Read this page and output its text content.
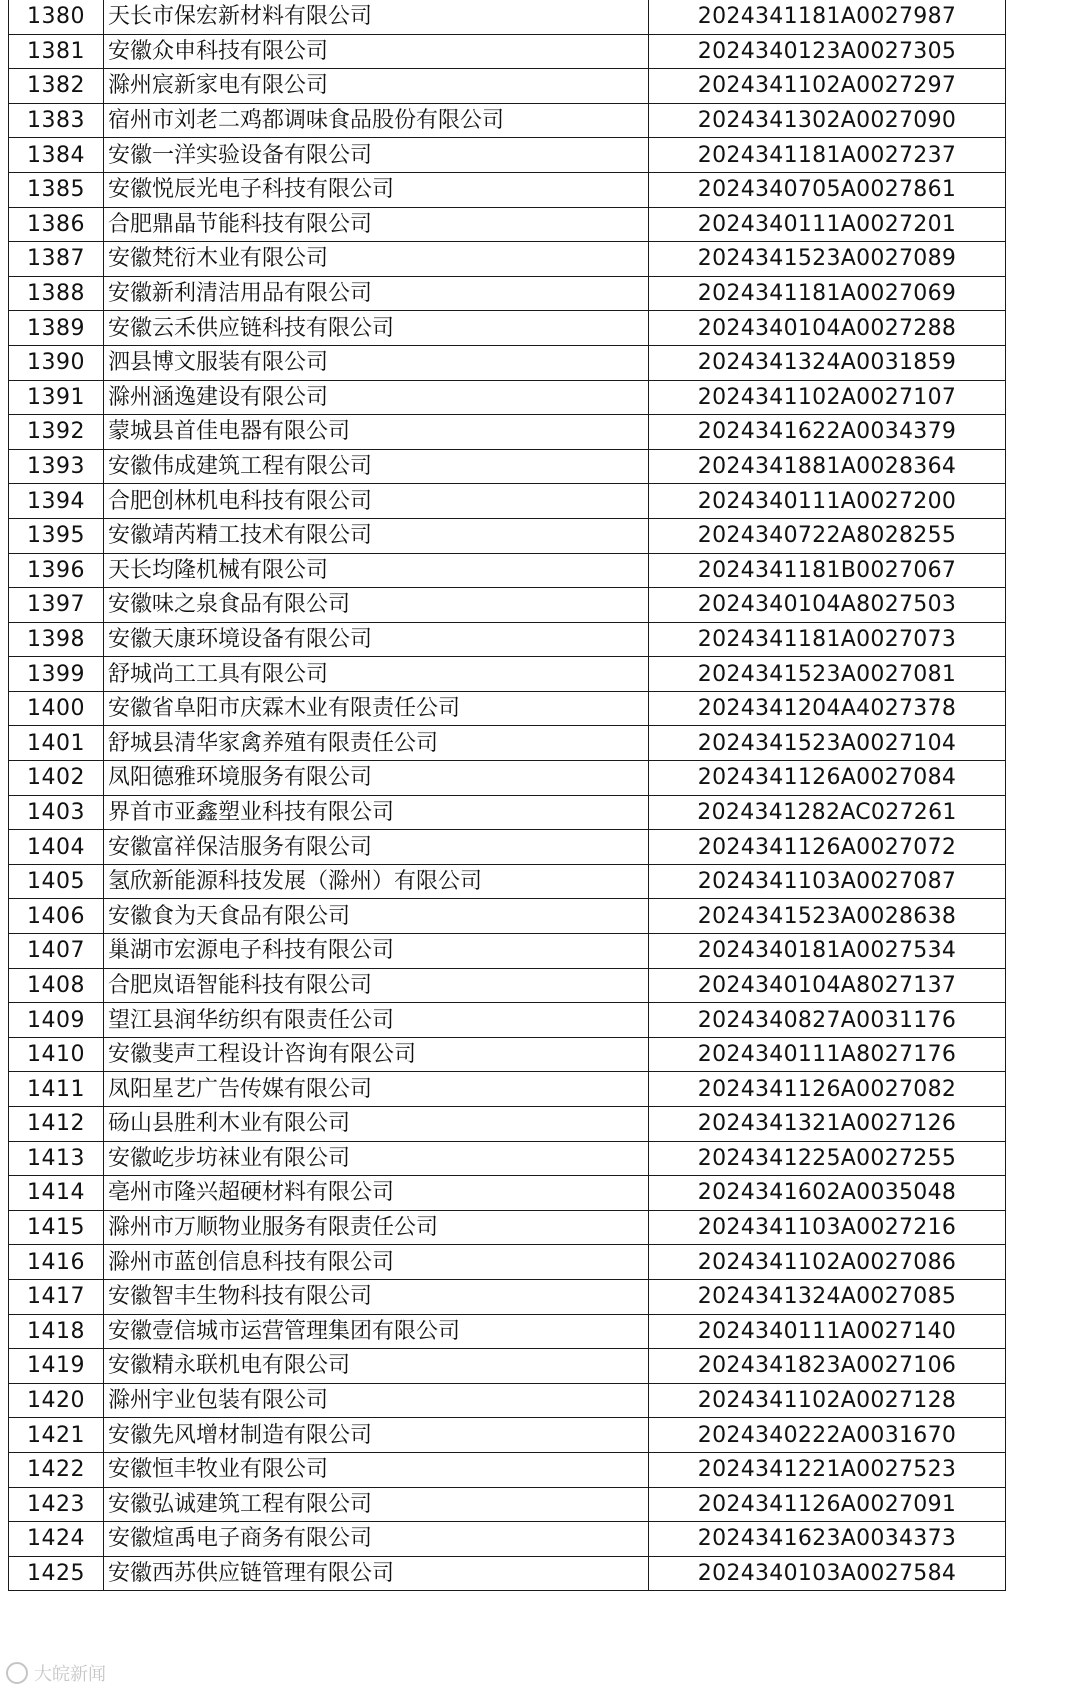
1380	天长市保宏新材料有限公司	2024341181A0027987
1381	安徽众申科技有限公司	2024340123A0027305
1382	滁州宸新家电有限公司	2024341102A0027297
1383	宿州市刘老二鸡都调味食品股份有限公司	2024341302A0027090
1384	安徽一洋实验设备有限公司	2024341181A0027237
1385	安徽悦辰光电子科技有限公司	2024340705A0027861
1386	合肥鼎晶节能科技有限公司	2024340111A0027201
1387	安徽梵衍木业有限公司	2024341523A0027089
1388	安徽新利清洁用品有限公司	2024341181A0027069
1389	安徽云禾供应链科技有限公司	2024340104A0027288
1390	泗县博文服装有限公司	2024341324A0031859
1391	滁州涵逸建设有限公司	2024341102A0027107
1392	蒙城县首佳电器有限公司	2024341622A0034379
1393	安徽伟成建筑工程有限公司	2024341881A0028364
1394	合肥创林机电科技有限公司	2024340111A0027200
1395	安徽靖芮精工技术有限公司	2024340722A8028255
1396	天长均隆机械有限公司	2024341181B0027067
1397	安徽味之泉食品有限公司	2024340104A8027503
1398	安徽天康环境设备有限公司	2024341181A0027073
1399	舒城尚工工具有限公司	2024341523A0027081
1400	安徽省阜阳市庆霖木业有限责任公司	2024341204A4027378
1401	舒城县清华家禽养殖有限责任公司	2024341523A0027104
1402	凤阳德雅环境服务有限公司	2024341126A0027084
1403	界首市亚鑫塑业科技有限公司	2024341282AC027261
1404	安徽富祥保洁服务有限公司	2024341126A0027072
1405	氢欣新能源科技发展（滁州）有限公司	2024341103A0027087
1406	安徽食为天食品有限公司	2024341523A0028638
1407	巢湖市宏源电子科技有限公司	2024340181A0027534
1408	合肥岚语智能科技有限公司	2024340104A8027137
1409	望江县润华纺织有限责任公司	2024340827A0031176
1410	安徽斐声工程设计咨询有限公司	2024340111A8027176
1411	凤阳星艺广告传媒有限公司	2024341126A0027082
1412	砀山县胜利木业有限公司	2024341321A0027126
1413	安徽屹步坊袜业有限公司	2024341225A0027255
1414	亳州市隆兴超硬材料有限公司	2024341602A0035048
1415	滁州市万顺物业服务有限责任公司	2024341103A0027216
1416	滁州市蓝创信息科技有限公司	2024341102A0027086
1417	安徽智丰生物科技有限公司	2024341324A0027085
1418	安徽壹信城市运营管理集团有限公司	2024340111A0027140
1419	安徽精永联机电有限公司	2024341823A0027106
1420	滁州宇业包装有限公司	2024341102A0027128
1421	安徽先风增材制造有限公司	2024340222A0031670
1422	安徽恒丰牧业有限公司	2024341221A0027523
1423	安徽弘诚建筑工程有限公司	2024341126A0027091
1424	安徽煊禹电子商务有限公司	2024341623A0034373
1425	安徽西苏供应链管理有限公司	2024340103A0027584
大皖新闻
